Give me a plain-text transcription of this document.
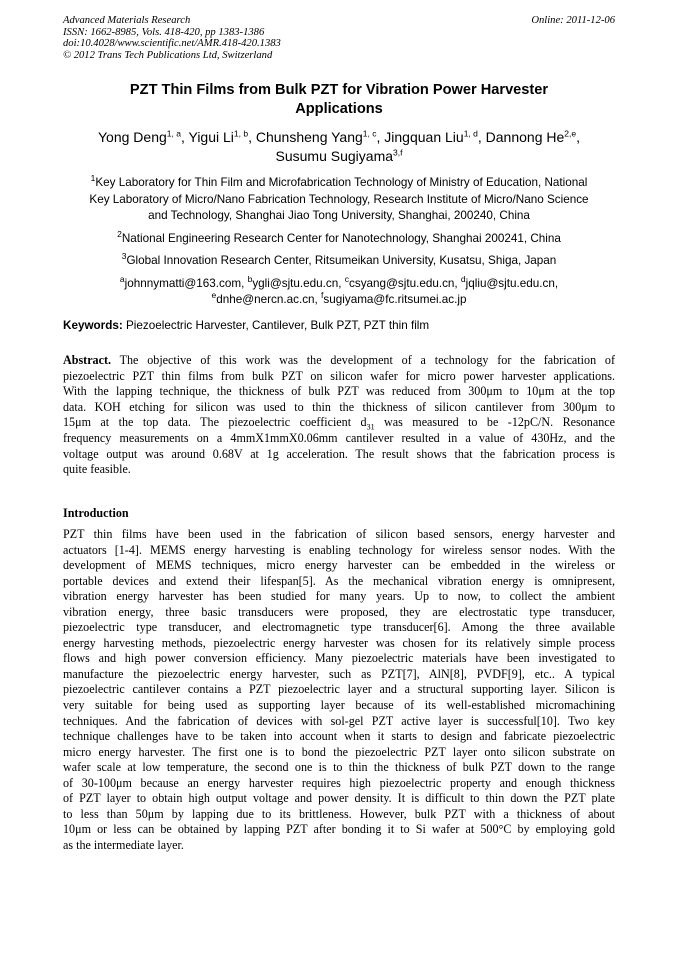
Advanced Materials Research	Online: 2011-12-06
ISSN: 1662-8985, Vols. 418-420, pp 1383-1386
doi:10.4028/www.scientific.net/AMR.418-420.1383
© 2012 Trans Tech Publications Ltd, Switzerland
PZT Thin Films from Bulk PZT for Vibration Power Harvester
Applications
Yong Deng$^{1, a}$, Yigui Li$^{1, b}$, Chunsheng Yang$^{1, c}$, Jingquan Liu$^{1, d}$, Dannong He$^{2,e}$,
Susumu Sugiyama$^{3,f}$
$^1$Key Laboratory for Thin Film and Microfabrication Technology of Ministry of Education, National
Key Laboratory of Micro/Nano Fabrication Technology, Research Institute of Micro/Nano Science
and Technology, Shanghai Jiao Tong University, Shanghai, 200240, China
$^2$National Engineering Research Center for Nanotechnology, Shanghai 200241, China
$^3$Global Innovation Research Center, Ritsumeikan University, Kusatsu, Shiga, Japan
$^a$johnnymatti@163.com, $^b$ygli@sjtu.edu.cn, $^c$csyang@sjtu.edu.cn, $^d$jqliu@sjtu.edu.cn,
$^e$dnhe@nercn.ac.cn, $^f$sugiyama@fc.ritsumei.ac.jp
Keywords: Piezoelectric Harvester, Cantilever, Bulk PZT, PZT thin film
Abstract. The objective of this work was the development of a technology for the fabrication of
piezoelectric PZT thin films from bulk PZT on silicon wafer for micro power harvester applications.
With the lapping technique, the thickness of bulk PZT was reduced from 300μm to 10μm at the top
data. KOH etching for silicon was used to thin the thickness of silicon cantilever from 300μm to
15μm at the top data. The piezoelectric coefficient $d_{31}$ was measured to be -12pC/N. Resonance
frequency measurements on a 4mmX1mmX0.06mm cantilever resulted in a value of 430Hz, and the
voltage output was around 0.68V at 1g acceleration. The result shows that the fabrication process is
quite feasible.
Introduction
PZT thin films have been used in the fabrication of silicon based sensors, energy harvester and
actuators [1-4]. MEMS energy harvesting is enabling technology for wireless sensor nodes. With the
development of MEMS techniques, micro energy harvester can be embedded in the wireless or
portable devices and extend their lifespan[5]. As the mechanical vibration energy is omnipresent,
vibration energy harvester has been studied for many years. Up to now, to collect the ambient
vibration energy, three basic transducers were proposed, they are electrostatic type transducer,
piezoelectric type transducer, and electromagnetic type transducer[6]. Among the three available
energy harvesting methods, piezoelectric energy harvester was chosen for its relatively simple process
flows and high power conversion efficiency. Many piezoelectric materials have been investigated to
manufacture the piezoelectric energy harvester, such as PZT[7], AlN[8], PVDF[9], etc.. A typical
piezoelectric cantilever contains a PZT piezoelectric layer and a structural supporting layer. Silicon is
very suitable for being used as supporting layer because of its well-established micromachining
techniques. And the fabrication of devices with sol-gel PZT active layer is successful[10]. Two key
technique challenges have to be taken into account when it starts to design and fabricate piezoelectric
micro energy harvester. The first one is to bond the piezoelectric PZT layer onto silicon substrate on
wafer scale at low temperature, the second one is to thin the thickness of bulk PZT down to the range
of 30-100μm because an energy harvester requires high piezoelectric property and enough thickness
of PZT layer to obtain high output voltage and power density. It is difficult to thin down the PZT plate
to less than 50μm by lapping due to its brittleness. However, bulk PZT with a thickness of about
10μm or less can be obtained by lapping PZT after bonding it to Si wafer at 500°C by employing gold
as the intermediate layer.
